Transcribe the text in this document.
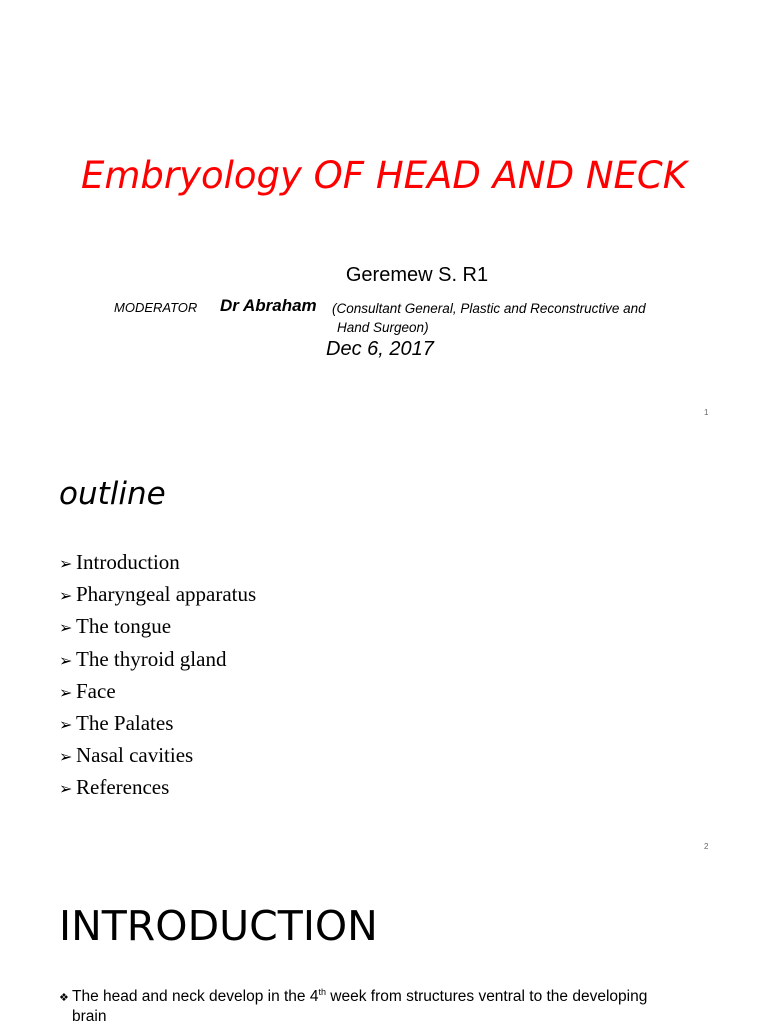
Embryology OF HEAD AND NECK
Geremew S. R1
MODERATOR Dr Abraham (Consultant General, Plastic and Reconstructive and
Hand Surgeon)
Dec 6, 2017
1
outline
➢ Introduction
➢ Pharyngeal apparatus
➢ The tongue
➢ The thyroid gland
➢ Face
➢ The Palates
➢ Nasal cavities
➢ References
2
INTRODUCTION
❖ The head and neck develop in the 4th week from structures ventral to the developing
brain
